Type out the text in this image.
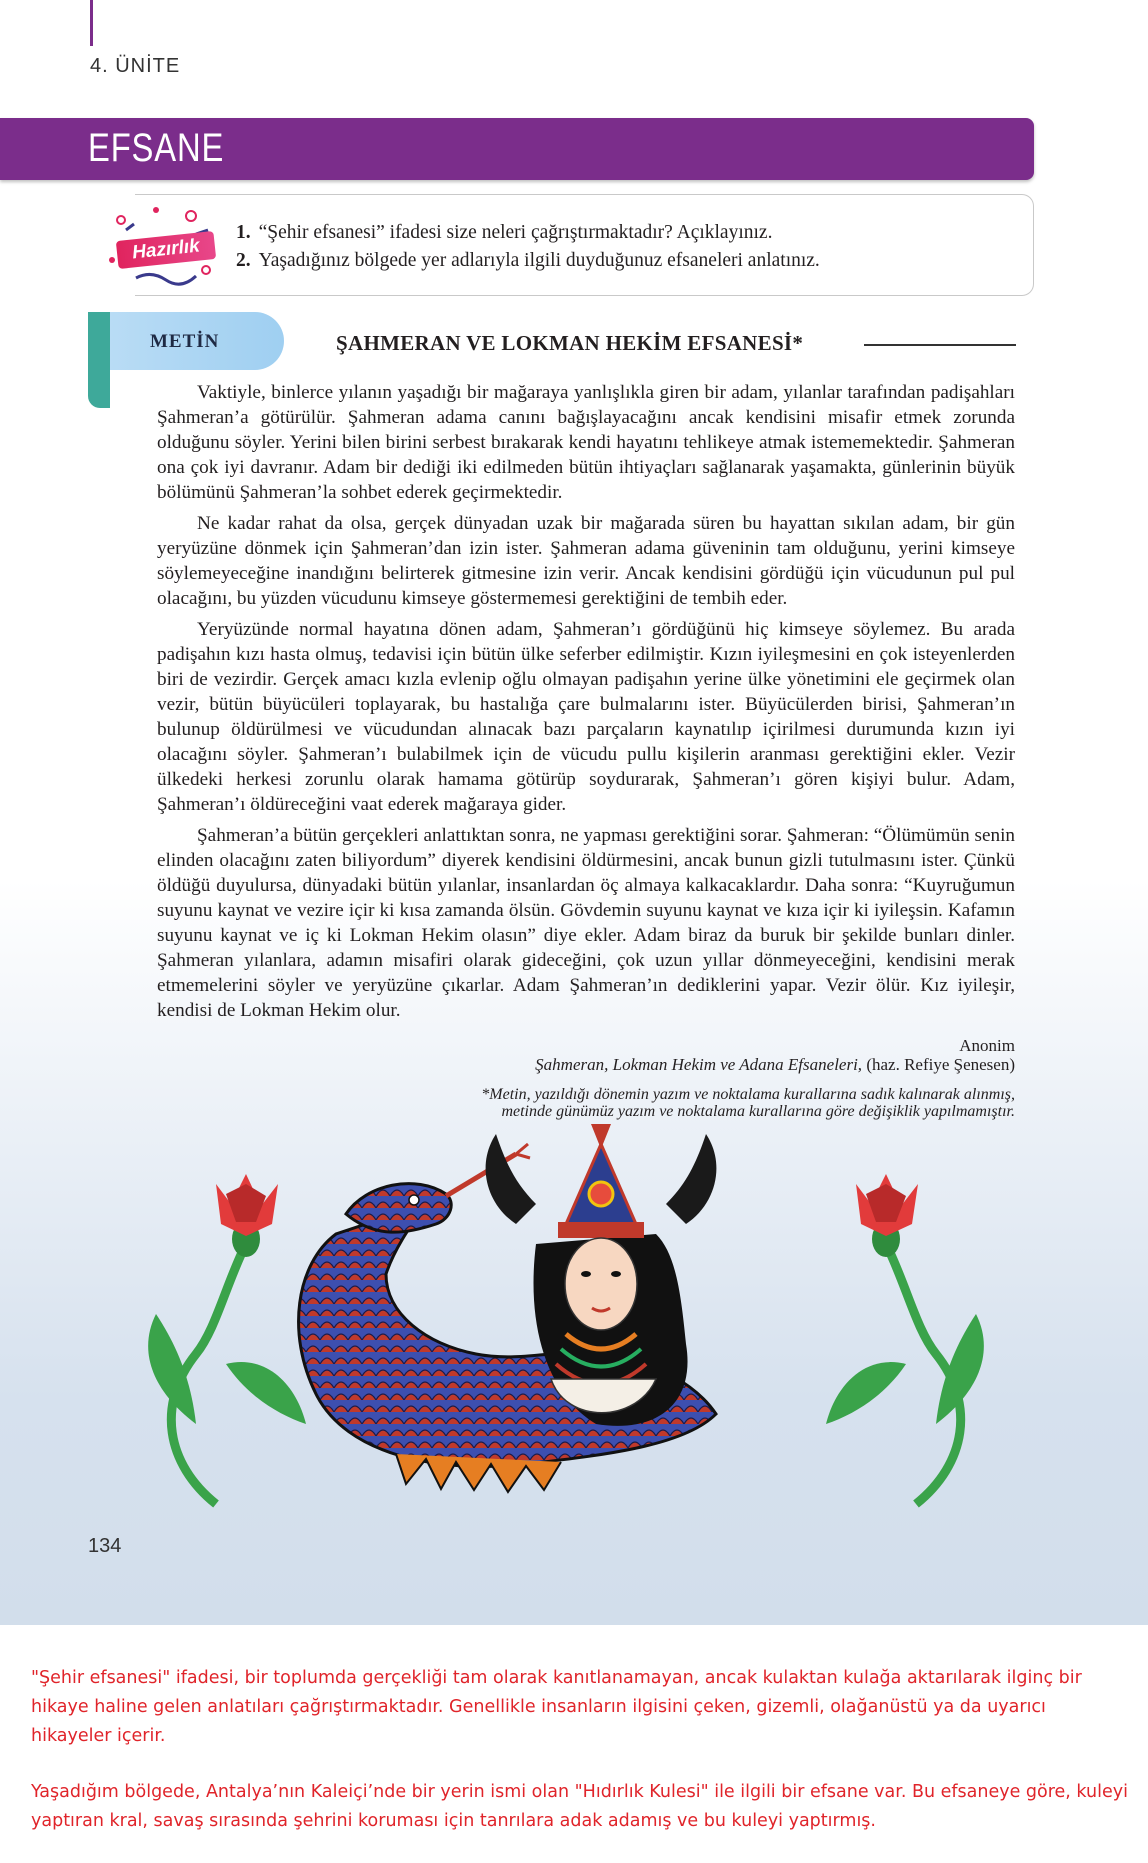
4. ÜNİTE
EFSANE
Hazırlık
1. “Şehir efsanesi” ifadesi size neleri çağrıştırmaktadır? Açıklayınız.
2. Yaşadığınız bölgede yer adlarıyla ilgili duyduğunuz efsaneleri anlatınız.
METİN	ŞAHMERAN VE LOKMAN HEKİM EFSANESİ*

Vaktiyle, binlerce yılanın yaşadığı bir mağaraya yanlışlıkla giren bir adam, yılanlar tarafından padişahları Şahmeran’a götürülür. Şahmeran adama canını bağışlayacağını ancak kendisini misafir etmek zorunda olduğunu söyler. Yerini bilen birini serbest bırakarak kendi hayatını tehlikeye atmak istememektedir. Şahmeran ona çok iyi davranır. Adam bir dediği iki edilmeden bütün ihtiyaçları sağlanarak yaşamakta, günlerinin büyük bölümünü Şahmeran’la sohbet ederek geçirmektedir.

Ne kadar rahat da olsa, gerçek dünyadan uzak bir mağarada süren bu hayattan sıkılan adam, bir gün yeryüzüne dönmek için Şahmeran’dan izin ister. Şahmeran adama güveninin tam olduğunu, yerini kimseye söylemeyeceğine inandığını belirterek gitmesine izin verir. Ancak kendisini gördüğü için vücudunun pul pul olacağını, bu yüzden vücudunu kimseye göstermemesi gerektiğini de tembih eder.

Yeryüzünde normal hayatına dönen adam, Şahmeran’ı gördüğünü hiç kimseye söylemez. Bu arada padişahın kızı hasta olmuş, tedavisi için bütün ülke seferber edilmiştir. Kızın iyileşmesini en çok isteyenlerden biri de vezirdir. Gerçek amacı kızla evlenip oğlu olmayan padişahın yerine ülke yönetimini ele geçirmek olan vezir, bütün büyücüleri toplayarak, bu hastalığa çare bulmalarını ister. Büyücülerden birisi, Şahmeran’ın bulunup öldürülmesi ve vücudundan alınacak bazı parçaların kaynatılıp içirilmesi durumunda kızın iyi olacağını söyler. Şahmeran’ı bulabilmek için de vücudu pullu kişilerin aranması gerektiğini ekler. Vezir ülkedeki herkesi zorunlu olarak hamama götürüp soydurarak, Şahmeran’ı gören kişiyi bulur. Adam, Şahmeran’ı öldüreceğini vaat ederek mağaraya gider.

Şahmeran’a bütün gerçekleri anlattıktan sonra, ne yapması gerektiğini sorar. Şahmeran: “Ölümümün senin elinden olacağını zaten biliyordum” diyerek kendisini öldürmesini, ancak bunun gizli tutulmasını ister. Çünkü öldüğü duyulursa, dünyadaki bütün yılanlar, insanlardan öç almaya kalkacaklardır. Daha sonra: “Kuyruğumun suyunu kaynat ve vezire içir ki kısa zamanda ölsün. Gövdemin suyunu kaynat ve kıza içir ki iyileşsin. Kafamın suyunu kaynat ve iç ki Lokman Hekim olasın” diye ekler. Adam biraz da buruk bir şekilde bunları dinler. Şahmeran yılanlara, adamın misafiri olarak gideceğini, çok uzun yıllar dönmeyeceğini, kendisini merak etmemelerini söyler ve yeryüzüne çıkarlar. Adam Şahmeran’ın dediklerini yapar. Vezir ölür. Kız iyileşir, kendisi de Lokman Hekim olur.

Anonim
Şahmeran, Lokman Hekim ve Adana Efsaneleri, (haz. Refiye Şenesen)
*Metin, yazıldığı dönemin yazım ve noktalama kurallarına sadık kalınarak alınmış,
metinde günümüz yazım ve noktalama kurallarına göre değişiklik yapılmamıştır.
134

"Şehir efsanesi" ifadesi, bir toplumda gerçekliği tam olarak kanıtlanamayan, ancak kulaktan kulağa aktarılarak ilginç bir hikaye haline gelen anlatıları çağrıştırmaktadır. Genellikle insanların ilgisini çeken, gizemli, olağanüstü ya da uyarıcı hikayeler içerir.

Yaşadığım bölgede, Antalya’nın Kaleiçi’nde bir yerin ismi olan "Hıdırlık Kulesi" ile ilgili bir efsane var. Bu efsaneye göre, kuleyi yaptıran kral, savaş sırasında şehrini koruması için tanrılara adak adamış ve bu kuleyi yaptırmış.
